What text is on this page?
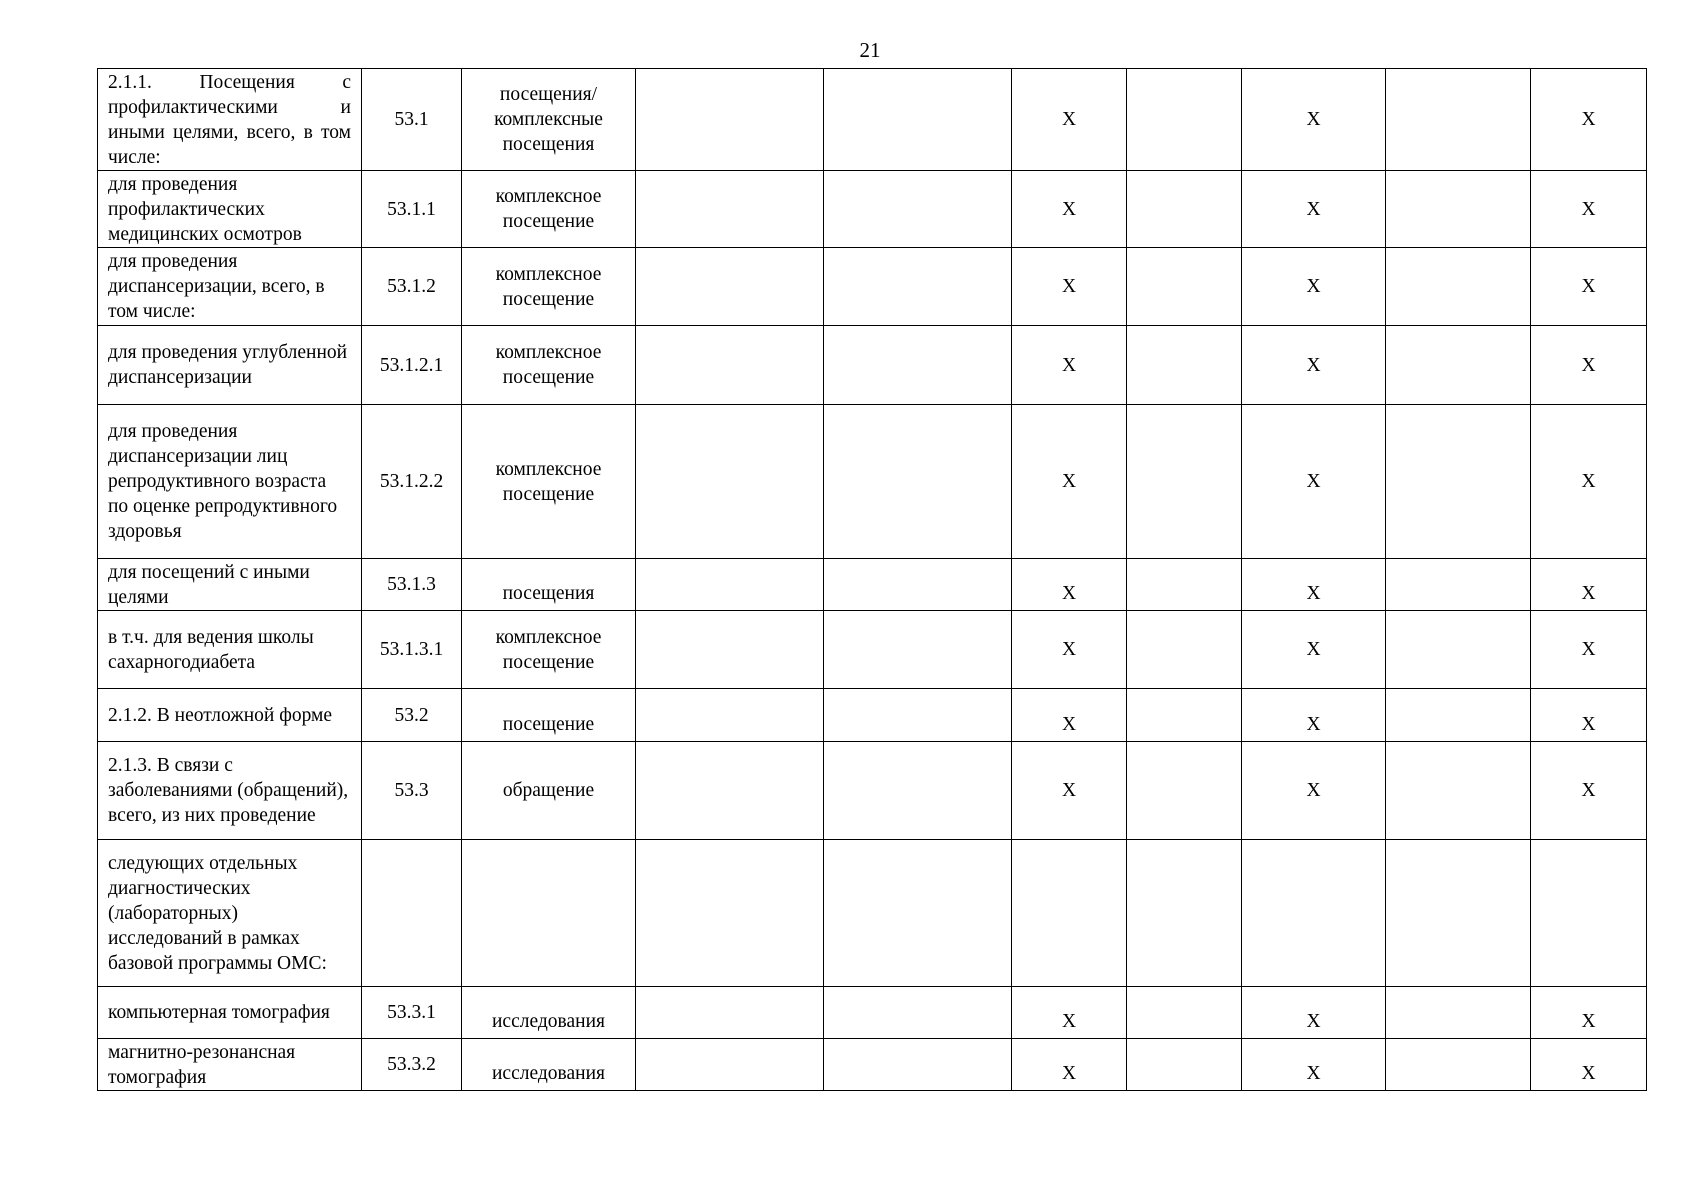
21
2.1.1. Посещения с профилактическими и иными целями, всего, в том числе:	53.1	посещения/ комплексные посещения			Х		Х		Х
для проведения профилактических медицинских осмотров	53.1.1	комплексное посещение			Х		Х		Х
для проведения диспансеризации, всего, в том числе:	53.1.2	комплексное посещение			Х		Х		Х
для проведения углубленной диспансеризации	53.1.2.1	комплексное посещение			Х		Х		Х
для проведения диспансеризации лиц репродуктивного возраста по оценке репродуктивного здоровья	53.1.2.2	комплексное посещение			Х		Х		Х
для посещений с иными целями	53.1.3	посещения			Х		Х		Х
в т.ч. для ведения школы сахарногодиабета	53.1.3.1	комплексное посещение			Х		Х		Х
2.1.2. В неотложной форме	53.2	посещение			Х		Х		Х
2.1.3. В связи с заболеваниями (обращений), всего, из них проведение	53.3	обращение			Х		Х		Х
следующих отдельных диагностических (лабораторных) исследований в рамках базовой программы ОМС:									
компьютерная томография	53.3.1	исследования			Х		Х		Х
магнитно-резонансная томография	53.3.2	исследования			Х		Х		Х
